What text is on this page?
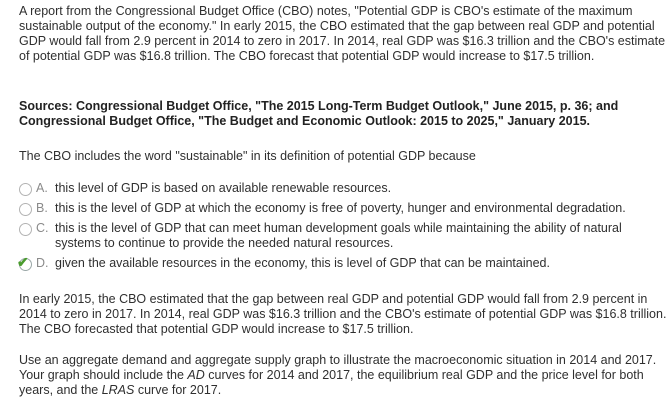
A report from the Congressional Budget Office (CBO) notes, "Potential GDP is CBO's estimate of the maximum sustainable output of the economy." In early 2015, the CBO estimated that the gap between real GDP and potential GDP would fall from 2.9 percent in 2014 to zero in 2017. In 2014, real GDP was $16.3 trillion and the CBO's estimate of potential GDP was $16.8 trillion. The CBO forecast that potential GDP would increase to $17.5 trillion.

Sources: Congressional Budget Office, "The 2015 Long-Term Budget Outlook," June 2015, p. 36; and Congressional Budget Office, "The Budget and Economic Outlook: 2015 to 2025," January 2015.

The CBO includes the word "sustainable" in its definition of potential GDP because

A. this level of GDP is based on available renewable resources.
B. this is the level of GDP at which the economy is free of poverty, hunger and environmental degradation.
C. this is the level of GDP that can meet human development goals while maintaining the ability of natural systems to continue to provide the needed natural resources.
✔ D. given the available resources in the economy, this is level of GDP that can be maintained.

In early 2015, the CBO estimated that the gap between real GDP and potential GDP would fall from 2.9 percent in 2014 to zero in 2017. In 2014, real GDP was $16.3 trillion and the CBO's estimate of potential GDP was $16.8 trillion. The CBO forecasted that potential GDP would increase to $17.5 trillion.

Use an aggregate demand and aggregate supply graph to illustrate the macroeconomic situation in 2014 and 2017. Your graph should include the AD curves for 2014 and 2017, the equilibrium real GDP and the price level for both years, and the LRAS curve for 2017.
